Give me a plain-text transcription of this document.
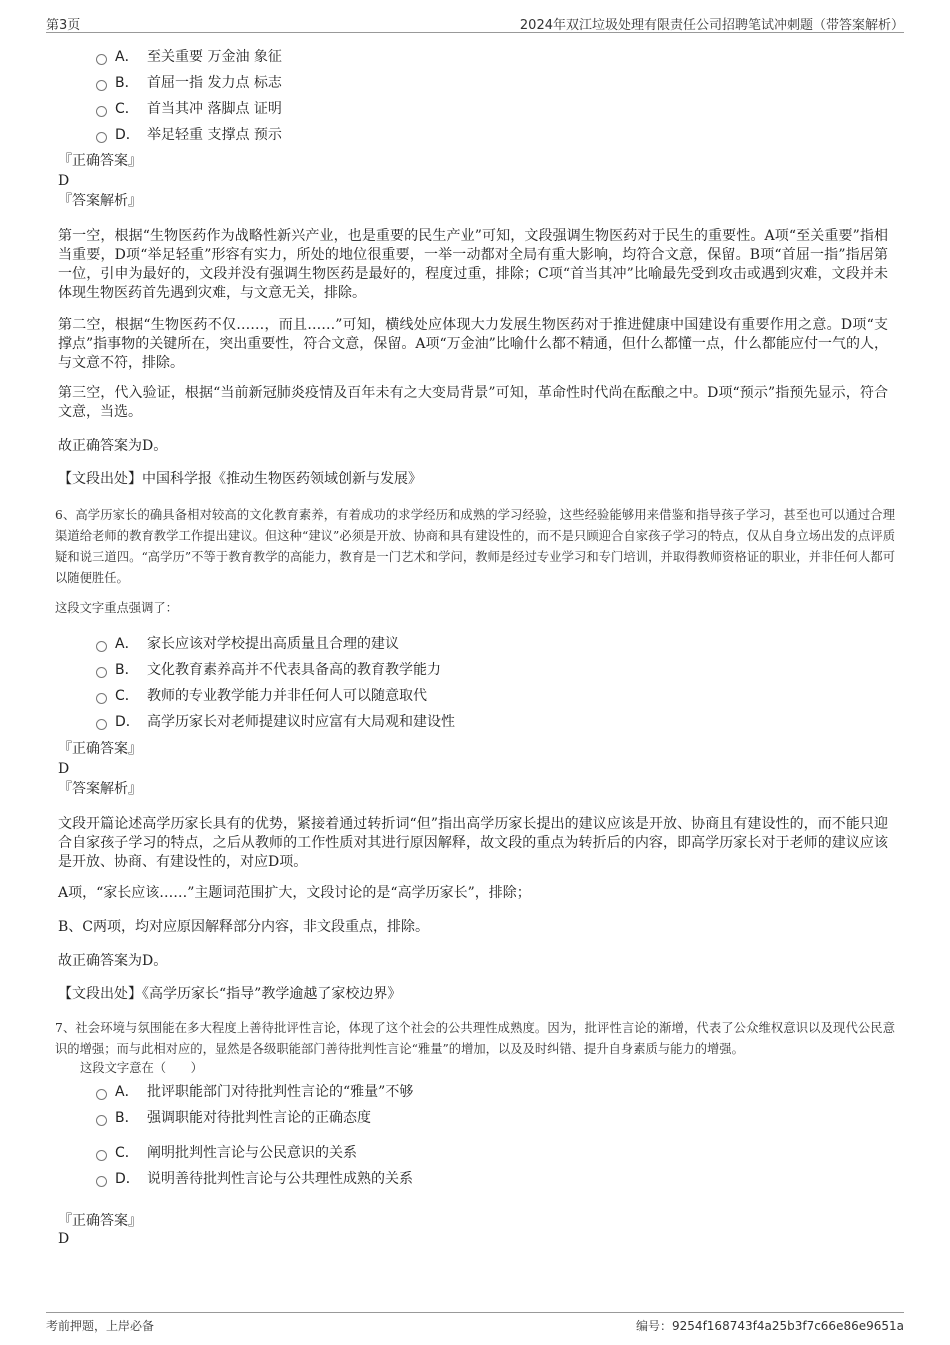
第3页	2024年双江垃圾处理有限责任公司招聘笔试冲刺题（带答案解析）
A． 至关重要 万金油 象征
B． 首屈一指 发力点 标志
C． 首当其冲 落脚点 证明
D． 举足轻重 支撑点 预示
『正确答案』
D
『答案解析』
第一空，根据“生物医药作为战略性新兴产业，也是重要的民生产业”可知，文段强调生物医药对于民生的重要性。A项“至关重要”指相当重要，D项“举足轻重”形容有实力，所处的地位很重要，一举一动都对全局有重大影响，均符合文意，保留。B项“首屈一指”指居第一位，引申为最好的，文段并没有强调生物医药是最好的，程度过重，排除；C项“首当其冲”比喻最先受到攻击或遇到灾难，文段并未体现生物医药首先遇到灾难，与文意无关，排除。
第二空，根据“生物医药不仅……，而且……”可知，横线处应体现大力发展生物医药对于推进健康中国建设有重要作用之意。D项“支撑点”指事物的关键所在，突出重要性，符合文意，保留。A项“万金油”比喻什么都不精通，但什么都懂一点，什么都能应付一气的人，与文意不符，排除。
第三空，代入验证，根据“当前新冠肺炎疫情及百年未有之大变局背景”可知，革命性时代尚在酝酿之中。D项“预示”指预先显示，符合文意，当选。
故正确答案为D。
【文段出处】中国科学报《推动生物医药领域创新与发展》
6、高学历家长的确具备相对较高的文化教育素养，有着成功的求学经历和成熟的学习经验，这些经验能够用来借鉴和指导孩子学习，甚至也可以通过合理渠道给老师的教育教学工作提出建议。但这种“建议”必须是开放、协商和具有建设性的，而不是只顾迎合自家孩子学习的特点，仅从自身立场出发的点评质疑和说三道四。“高学历”不等于教育教学的高能力，教育是一门艺术和学问，教师是经过专业学习和专门培训，并取得教师资格证的职业，并非任何人都可以随便胜任。
这段文字重点强调了：
A． 家长应该对学校提出高质量且合理的建议
B． 文化教育素养高并不代表具备高的教育教学能力
C． 教师的专业教学能力并非任何人可以随意取代
D． 高学历家长对老师提建议时应富有大局观和建设性
『正确答案』
D
『答案解析』
文段开篇论述高学历家长具有的优势，紧接着通过转折词“但”指出高学历家长提出的建议应该是开放、协商且有建设性的，而不能只迎合自家孩子学习的特点，之后从教师的工作性质对其进行原因解释，故文段的重点为转折后的内容，即高学历家长对于老师的建议应该是开放、协商、有建设性的，对应D项。
A项，“家长应该……”主题词范围扩大，文段讨论的是“高学历家长”，排除；
B、C两项，均对应原因解释部分内容，非文段重点，排除。
故正确答案为D。
【文段出处】《高学历家长“指导”教学逾越了家校边界》
7、社会环境与氛围能在多大程度上善待批评性言论，体现了这个社会的公共理性成熟度。因为，批评性言论的渐增，代表了公众维权意识以及现代公民意识的增强；而与此相对应的，显然是各级职能部门善待批判性言论“雅量”的增加，以及及时纠错、提升自身素质与能力的增强。
这段文字意在（　　）
A． 批评职能部门对待批判性言论的“雅量”不够
B． 强调职能对待批判性言论的正确态度
C． 阐明批判性言论与公民意识的关系
D． 说明善待批判性言论与公共理性成熟的关系
『正确答案』
D
考前押题，上岸必备	编号：9254f168743f4a25b3f7c66e86e9651a
